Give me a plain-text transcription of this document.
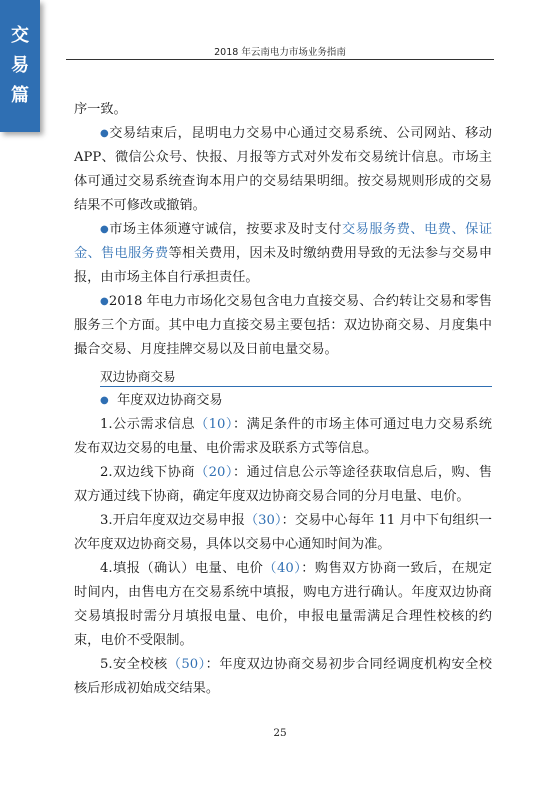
交
易
篇
2018 年云南电力市场业务指南

序一致。

●交易结束后，昆明电力交易中心通过交易系统、公司网站、移动APP、微信公众号、快报、月报等方式对外发布交易统计信息。市场主体可通过交易系统查询本用户的交易结果明细。按交易规则形成的交易结果不可修改或撤销。

●市场主体须遵守诚信，按要求及时支付交易服务费、电费、保证金、售电服务费等相关费用，因未及时缴纳费用导致的无法参与交易申报，由市场主体自行承担责任。

●2018 年电力市场化交易包含电力直接交易、合约转让交易和零售服务三个方面。其中电力直接交易主要包括：双边协商交易、月度集中撮合交易、月度挂牌交易以及日前电量交易。

双边协商交易

● 年度双边协商交易

1.公示需求信息（10）：满足条件的市场主体可通过电力交易系统发布双边交易的电量、电价需求及联系方式等信息。

2.双边线下协商（20）：通过信息公示等途径获取信息后，购、售双方通过线下协商，确定年度双边协商交易合同的分月电量、电价。

3.开启年度双边交易申报（30）：交易中心每年 11 月中下旬组织一次年度双边协商交易，具体以交易中心通知时间为准。

4.填报（确认）电量、电价（40）：购售双方协商一致后，在规定时间内，由售电方在交易系统中填报，购电方进行确认。年度双边协商交易填报时需分月填报电量、电价，申报电量需满足合理性校核的约束，电价不受限制。

5.安全校核（50）：年度双边协商交易初步合同经调度机构安全校核后形成初始成交结果。

25
